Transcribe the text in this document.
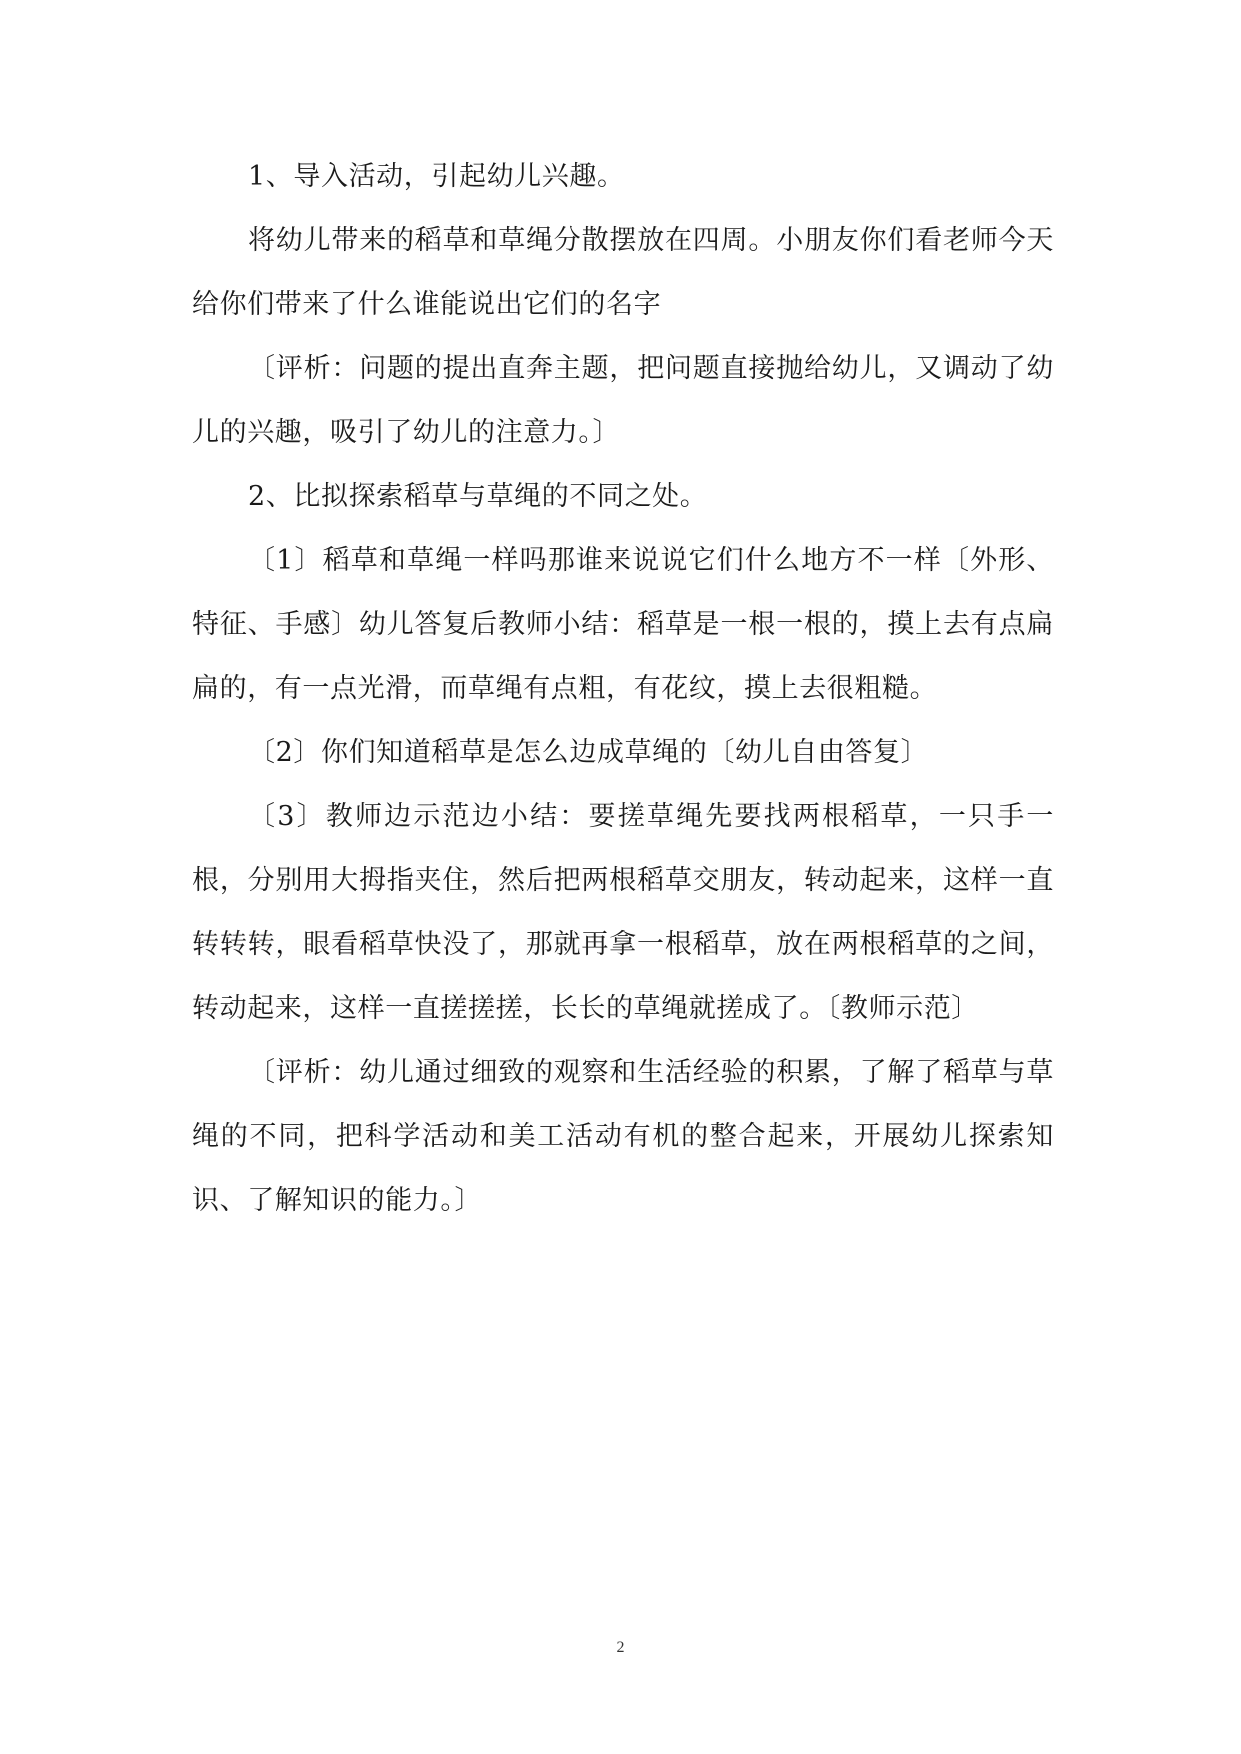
1、导入活动，引起幼儿兴趣。

将幼儿带来的稻草和草绳分散摆放在四周。小朋友你们看老师今天给你们带来了什么谁能说出它们的名字

〔评析：问题的提出直奔主题，把问题直接抛给幼儿，又调动了幼儿的兴趣，吸引了幼儿的注意力。〕

2、比拟探索稻草与草绳的不同之处。

〔1〕稻草和草绳一样吗那谁来说说它们什么地方不一样〔外形、特征、手感〕幼儿答复后教师小结：稻草是一根一根的，摸上去有点扁扁的，有一点光滑，而草绳有点粗，有花纹，摸上去很粗糙。

〔2〕你们知道稻草是怎么边成草绳的〔幼儿自由答复〕

〔3〕教师边示范边小结：要搓草绳先要找两根稻草，一只手一根，分别用大拇指夹住，然后把两根稻草交朋友，转动起来，这样一直转转转，眼看稻草快没了，那就再拿一根稻草，放在两根稻草的之间，转动起来，这样一直搓搓搓，长长的草绳就搓成了。〔教师示范〕

〔评析：幼儿通过细致的观察和生活经验的积累，了解了稻草与草绳的不同，把科学活动和美工活动有机的整合起来，开展幼儿探索知识、了解知识的能力。〕

2
